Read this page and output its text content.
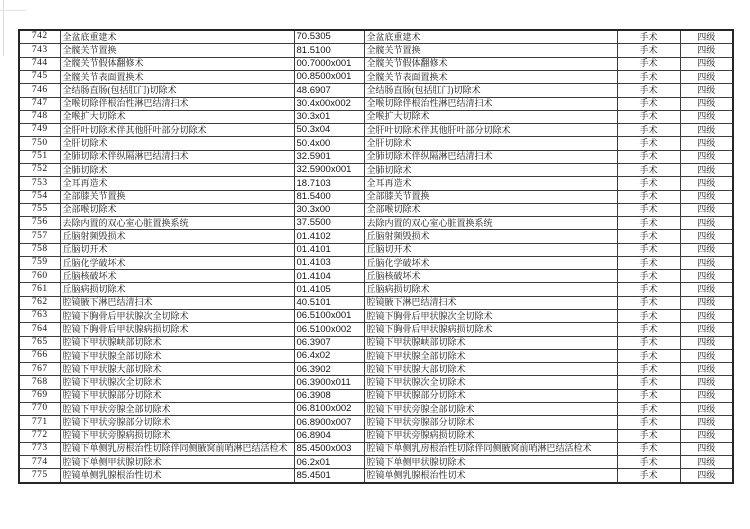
742	全盆底重建术	70.5305	全盆底重建术	手术	四级
743	全髋关节置换	81.5100	全髋关节置换	手术	四级
744	全髋关节假体翻修术	00.7000x001	全髋关节假体翻修术	手术	四级
745	全髋关节表面置换术	00.8500x001	全髋关节表面置换术	手术	四级
746	全结肠直肠(包括肛门)切除术	48.6907	全结肠直肠(包括肛门)切除术	手术	四级
747	全喉切除伴根治性淋巴结清扫术	30.4x00x002	全喉切除伴根治性淋巴结清扫术	手术	四级
748	全喉扩大切除术	30.3x01	全喉扩大切除术	手术	四级
749	全肝叶切除术伴其他肝叶部分切除术	50.3x04	全肝叶切除术伴其他肝叶部分切除术	手术	四级
750	全肝切除术	50.4x00	全肝切除术	手术	四级
751	全肺切除术伴纵隔淋巴结清扫术	32.5901	全肺切除术伴纵隔淋巴结清扫术	手术	四级
752	全肺切除术	32.5900x001	全肺切除术	手术	四级
753	全耳再造术	18.7103	全耳再造术	手术	四级
754	全部膝关节置换	81.5400	全部膝关节置换	手术	四级
755	全部喉切除术	30.3x00	全部喉切除术	手术	四级
756	去除内置的双心室心脏置换系统	37.5500	去除内置的双心室心脏置换系统	手术	四级
757	丘脑射频毁损术	01.4102	丘脑射频毁损术	手术	四级
758	丘脑切开术	01.4101	丘脑切开术	手术	四级
759	丘脑化学破坏术	01.4103	丘脑化学破坏术	手术	四级
760	丘脑核破坏术	01.4104	丘脑核破坏术	手术	四级
761	丘脑病损切除术	01.4105	丘脑病损切除术	手术	四级
762	腔镜腋下淋巴结清扫术	40.5101	腔镜腋下淋巴结清扫术	手术	四级
763	腔镜下胸骨后甲状腺次全切除术	06.5100x001	腔镜下胸骨后甲状腺次全切除术	手术	四级
764	腔镜下胸骨后甲状腺病损切除术	06.5100x002	腔镜下胸骨后甲状腺病损切除术	手术	四级
765	腔镜下甲状腺峡部切除术	06.3907	腔镜下甲状腺峡部切除术	手术	四级
766	腔镜下甲状腺全部切除术	06.4x02	腔镜下甲状腺全部切除术	手术	四级
767	腔镜下甲状腺大部切除术	06.3902	腔镜下甲状腺大部切除术	手术	四级
768	腔镜下甲状腺次全切除术	06.3900x011	腔镜下甲状腺次全切除术	手术	四级
769	腔镜下甲状腺部分切除术	06.3908	腔镜下甲状腺部分切除术	手术	四级
770	腔镜下甲状旁腺全部切除术	06.8100x002	腔镜下甲状旁腺全部切除术	手术	四级
771	腔镜下甲状旁腺部分切除术	06.8900x007	腔镜下甲状旁腺部分切除术	手术	四级
772	腔镜下甲状旁腺病损切除术	06.8904	腔镜下甲状旁腺病损切除术	手术	四级
773	腔镜下单侧乳房根治性切除伴同侧腋窝前哨淋巴结活检术	85.4500x003	腔镜下单侧乳房根治性切除伴同侧腋窝前哨淋巴结活检术	手术	四级
774	腔镜下单侧甲状腺切除术	06.2x01	腔镜下单侧甲状腺切除术	手术	四级
775	腔镜单侧乳腺根治性切术	85.4501	腔镜单侧乳腺根治性切术	手术	四级
